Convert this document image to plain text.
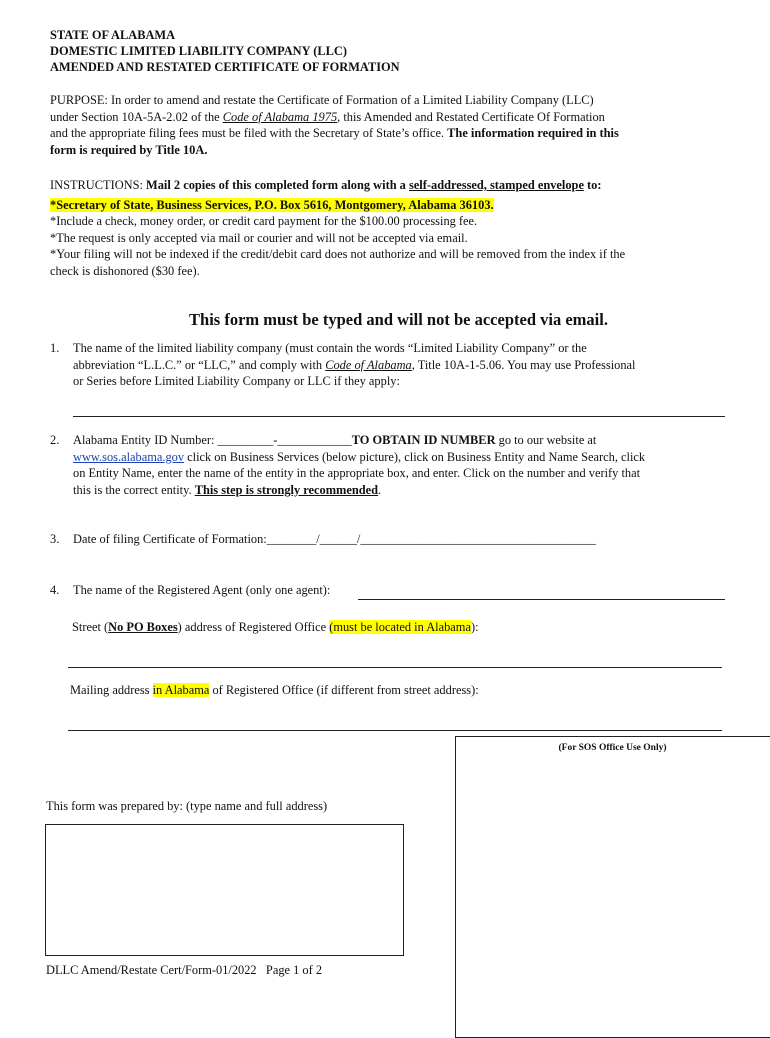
STATE OF ALABAMA
DOMESTIC LIMITED LIABILITY COMPANY (LLC)
AMENDED AND RESTATED CERTIFICATE OF FORMATION
PURPOSE: In order to amend and restate the Certificate of Formation of a Limited Liability Company (LLC)
under Section 10A-5A-2.02 of the Code of Alabama 1975, this Amended and Restated Certificate Of Formation
and the appropriate filing fees must be filed with the Secretary of State’s office. The information required in this
form is required by Title 10A.
INSTRUCTIONS: Mail 2 copies of this completed form along with a self-addressed, stamped envelope to:
*Secretary of State, Business Services, P.O. Box 5616, Montgomery, Alabama 36103.
*Include a check, money order, or credit card payment for the $100.00 processing fee.
*The request is only accepted via mail or courier and will not be accepted via email.
*Your filing will not be indexed if the credit/debit card does not authorize and will be removed from the index if the
check is dishonored ($30 fee).
This form must be typed and will not be accepted via email.
1. The name of the limited liability company (must contain the words “Limited Liability Company” or the
abbreviation “L.L.C.” or “LLC,” and comply with Code of Alabama, Title 10A-1-5.06. You may use Professional
or Series before Limited Liability Company or LLC if they apply:
2. Alabama Entity ID Number: _________-____________TO OBTAIN ID NUMBER go to our website at
www.sos.alabama.gov click on Business Services (below picture), click on Business Entity and Name Search, click
on Entity Name, enter the name of the entity in the appropriate box, and enter. Click on the number and verify that
this is the correct entity. This step is strongly recommended.
3. Date of filing Certificate of Formation:________/______/______________________________________
4. The name of the Registered Agent (only one agent):
Street (No PO Boxes) address of Registered Office (must be located in Alabama):
Mailing address in Alabama of Registered Office (if different from street address):
(For SOS Office Use Only)
This form was prepared by: (type name and full address)
DLLC Amend/Restate Cert/Form-01/2022 Page 1 of 2
